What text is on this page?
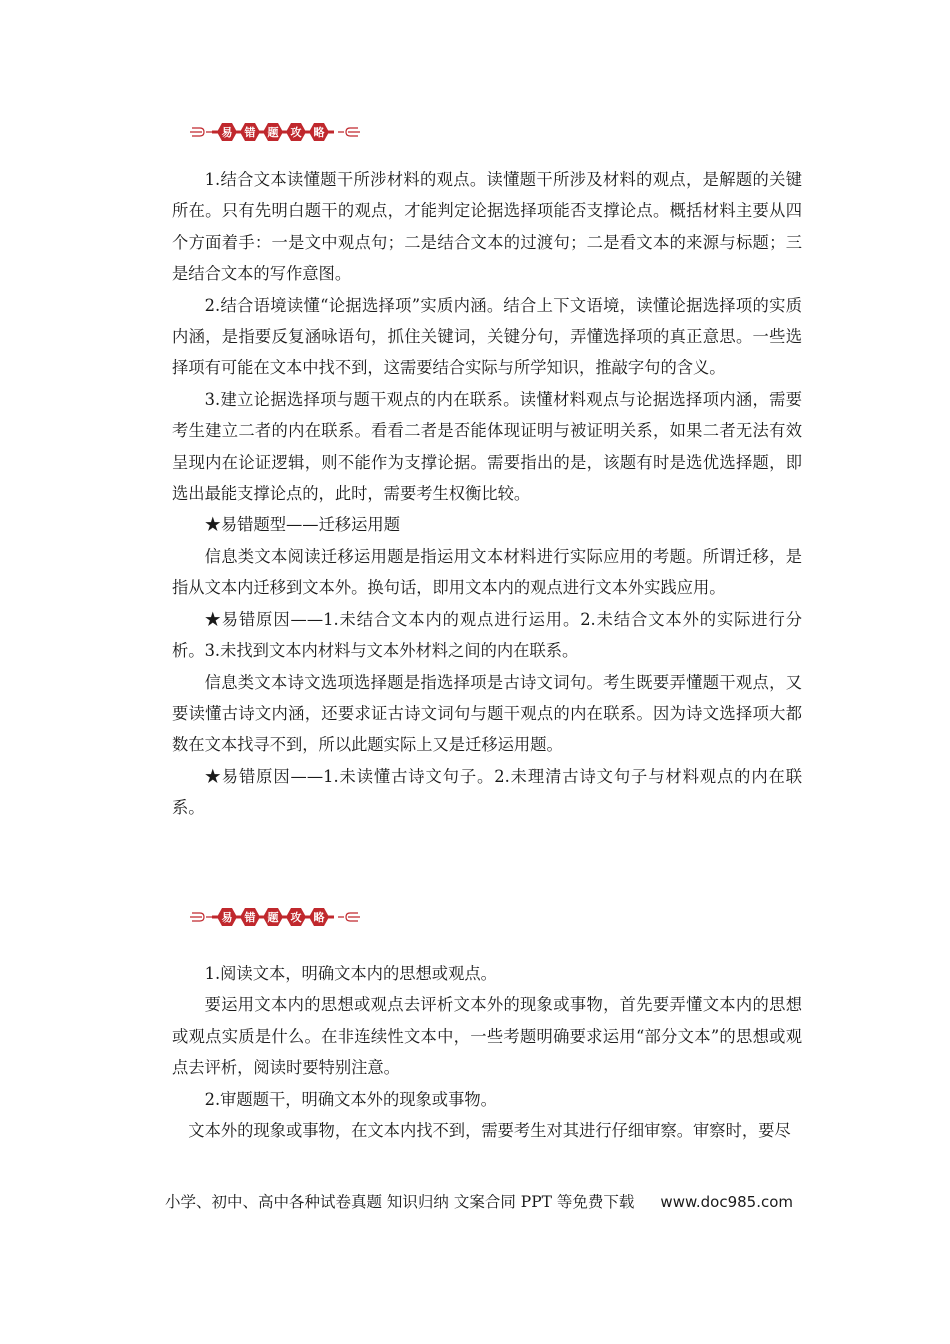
易 错 题 攻 略

1.结合文本读懂题干所涉材料的观点。读懂题干所涉及材料的观点，是解题的关键所在。只有先明白题干的观点，才能判定论据选择项能否支撑论点。概括材料主要从四个方面着手：一是文中观点句；二是结合文本的过渡句；二是看文本的来源与标题；三是结合文本的写作意图。

2.结合语境读懂“论据选择项”实质内涵。结合上下文语境，读懂论据选择项的实质内涵，是指要反复涵咏语句，抓住关键词，关键分句，弄懂选择项的真正意思。一些选择项有可能在文本中找不到，这需要结合实际与所学知识，推敲字句的含义。

3.建立论据选择项与题干观点的内在联系。读懂材料观点与论据选择项内涵，需要考生建立二者的内在联系。看看二者是否能体现证明与被证明关系，如果二者无法有效呈现内在论证逻辑，则不能作为支撑论据。需要指出的是，该题有时是选优选择题，即选出最能支撑论点的，此时，需要考生权衡比较。

★易错题型——迁移运用题

信息类文本阅读迁移运用题是指运用文本材料进行实际应用的考题。所谓迁移，是指从文本内迁移到文本外。换句话，即用文本内的观点进行文本外实践应用。

★易错原因——1.未结合文本内的观点进行运用。2.未结合文本外的实际进行分析。3.未找到文本内材料与文本外材料之间的内在联系。

信息类文本诗文选项选择题是指选择项是古诗文词句。考生既要弄懂题干观点，又要读懂古诗文内涵，还要求证古诗文词句与题干观点的内在联系。因为诗文选择项大都数在文本找寻不到，所以此题实际上又是迁移运用题。

★易错原因——1.未读懂古诗文句子。2.未理清古诗文句子与材料观点的内在联系。

易 错 题 攻 略

1.阅读文本，明确文本内的思想或观点。

要运用文本内的思想或观点去评析文本外的现象或事物，首先要弄懂文本内的思想或观点实质是什么。在非连续性文本中，一些考题明确要求运用“部分文本”的思想或观点去评析，阅读时要特别注意。

2.审题题干，明确文本外的现象或事物。

文本外的现象或事物，在文本内找不到，需要考生对其进行仔细审察。审察时，要尽

小学、初中、高中各种试卷真题 知识归纳 文案合同 PPT 等免费下载 www.doc985.com
